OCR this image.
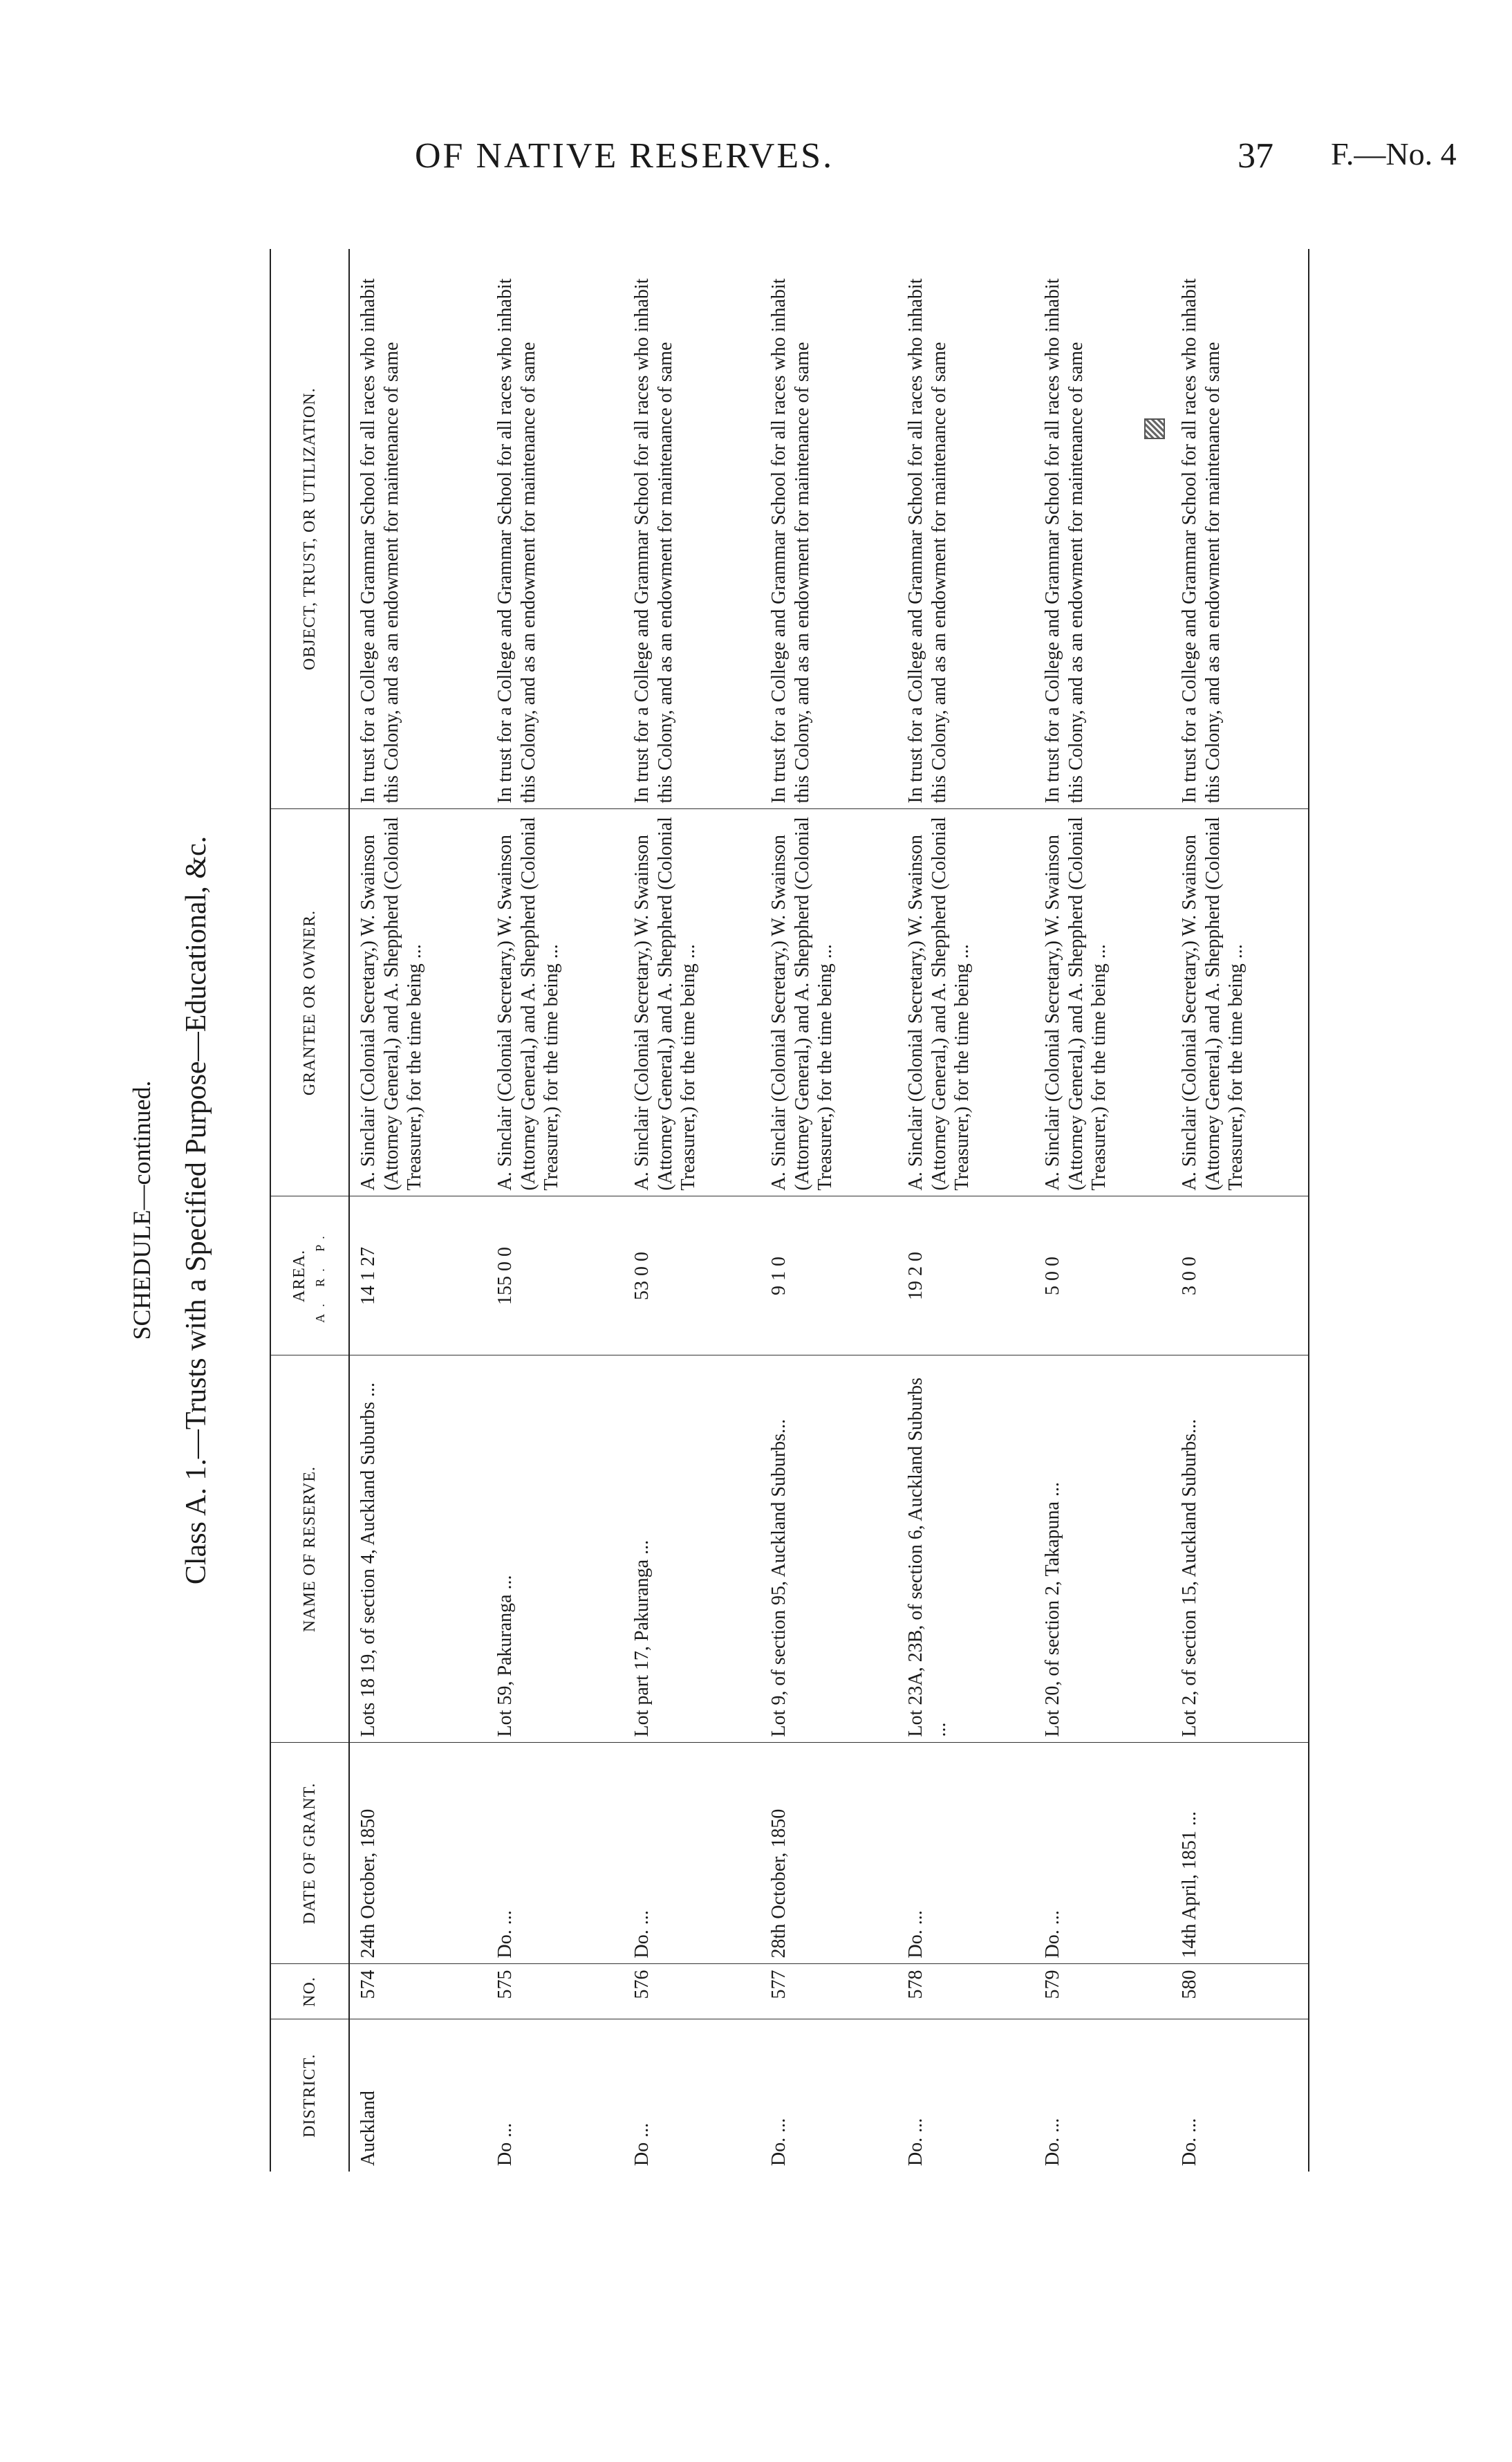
OF NATIVE RESERVES.	37 F.—No. 4
SCHEDULE—continued. Class A. 1.—Trusts with a Specified Purpose—Educational, &c.
DISTRICT.	NO.	DATE OF GRANT.	NAME OF RESERVE.	AREA. A. R. P.	GRANTEE OR OWNER.	OBJECT, TRUST, OR UTILIZATION.
Auckland	574	24th October, 1850	Lots 18 19, of section 4, Auckland Suburbs ...	14 1 27	A. Sinclair (Colonial Secretary,) W. Swainson (Attorney General,) and A. Sheppherd (Colonial Treasurer,) for the time being ...	In trust for a College and Grammar School for all races who inhabit this Colony, and as an endowment for maintenance of same
Do ...	575	Do. ...	Lot 59, Pakuranga ...	155 0 0	A. Sinclair (Colonial Secretary,) W. Swainson (Attorney General,) and A. Sheppherd (Colonial Treasurer,) for the time being ...	In trust for a College and Grammar School for all races who inhabit this Colony, and as an endowment for maintenance of same
Do ...	576	Do. ...	Lot part 17, Pakuranga ...	53 0 0	A. Sinclair (Colonial Secretary,) W. Swainson (Attorney General,) and A. Sheppherd (Colonial Treasurer,) for the time being ...	In trust for a College and Grammar School for all races who inhabit this Colony, and as an endowment for maintenance of same
Do. ...	577	28th October, 1850	Lot 9, of section 95, Auckland Suburbs...	9 1 0	A. Sinclair (Colonial Secretary,) W. Swainson (Attorney General,) and A. Sheppherd (Colonial Treasurer,) for the time being ...	In trust for a College and Grammar School for all races who inhabit this Colony, and as an endowment for maintenance of same
Do. ...	578	Do. ...	Lot 23A, 23B, of section 6, Auckland Suburbs ...	19 2 0	A. Sinclair (Colonial Secretary,) W. Swainson (Attorney General,) and A. Sheppherd (Colonial Treasurer,) for the time being ...	In trust for a College and Grammar School for all races who inhabit this Colony, and as an endowment for maintenance of same
Do. ...	579	Do. ...	Lot 20, of section 2, Takapuna ...	5 0 0	A. Sinclair (Colonial Secretary,) W. Swainson (Attorney General,) and A. Sheppherd (Colonial Treasurer,) for the time being ...	In trust for a College and Grammar School for all races who inhabit this Colony, and as an endowment for maintenance of same
Do. ...	580	14th April, 1851 ...	Lot 2, of section 15, Auckland Suburbs...	3 0 0	A. Sinclair (Colonial Secretary,) W. Swainson (Attorney General,) and A. Sheppherd (Colonial Treasurer,) for the time being ...	In trust for a College and Grammar School for all races who inhabit this Colony, and as an endowment for maintenance of same
